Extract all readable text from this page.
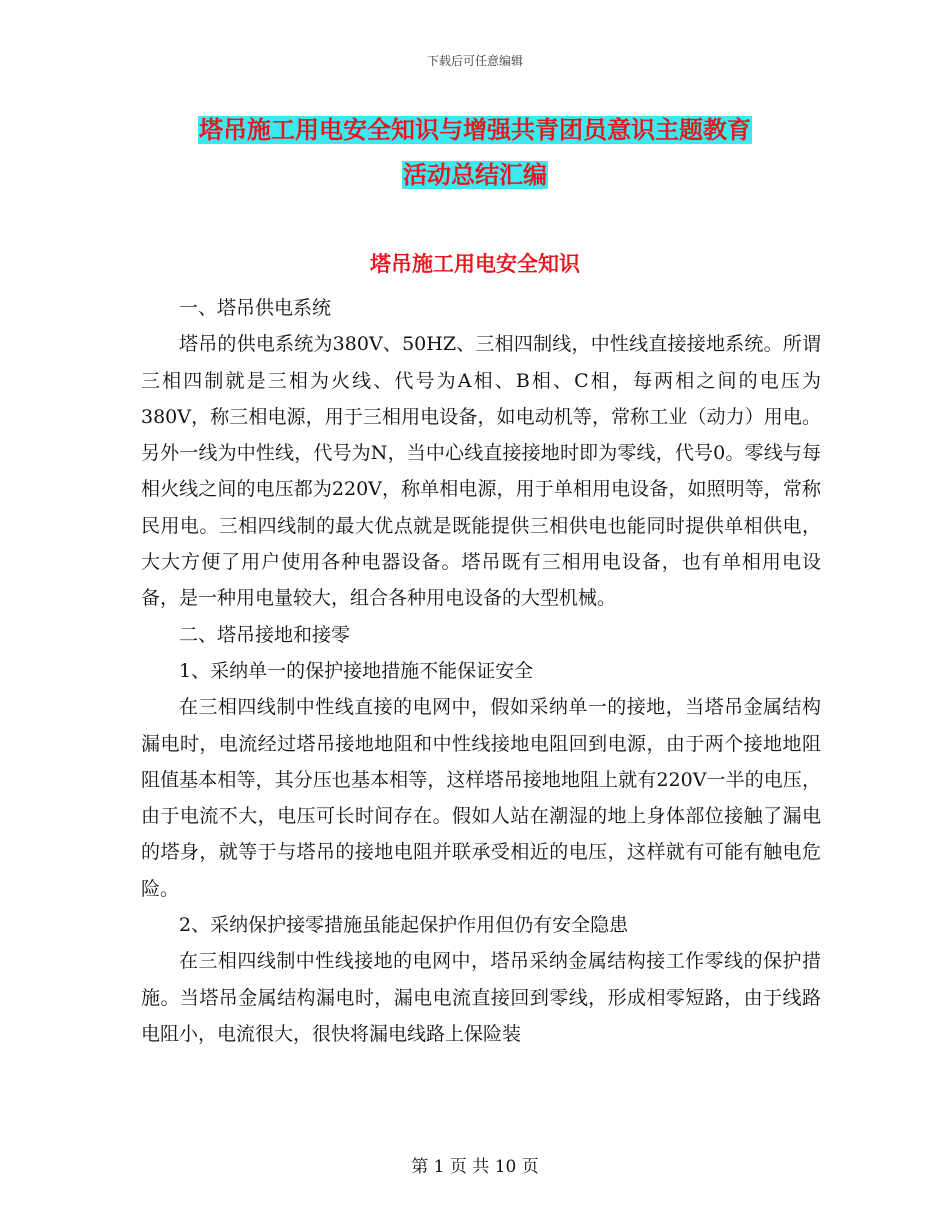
下载后可任意编辑
塔吊施工用电安全知识与增强共青团员意识主题教育
活动总结汇编
塔吊施工用电安全知识

一、塔吊供电系统

塔吊的供电系统为380V、50HZ、三相四制线，中性线直接接地系统。所谓三相四制就是三相为火线、代号为A相、B相、C相，每两相之间的电压为380V，称三相电源，用于三相用电设备，如电动机等，常称工业（动力）用电。另外一线为中性线，代号为N，当中心线直接接地时即为零线，代号0。零线与每相火线之间的电压都为220V，称单相电源，用于单相用电设备，如照明等，常称民用电。三相四线制的最大优点就是既能提供三相供电也能同时提供单相供电，大大方便了用户使用各种电器设备。塔吊既有三相用电设备，也有单相用电设备，是一种用电量较大，组合各种用电设备的大型机械。

二、塔吊接地和接零

1、采纳单一的保护接地措施不能保证安全

在三相四线制中性线直接的电网中，假如采纳单一的接地，当塔吊金属结构漏电时，电流经过塔吊接地地阻和中性线接地电阻回到电源，由于两个接地地阻阻值基本相等，其分压也基本相等，这样塔吊接地地阻上就有220V一半的电压，由于电流不大，电压可长时间存在。假如人站在潮湿的地上身体部位接触了漏电的塔身，就等于与塔吊的接地电阻并联承受相近的电压，这样就有可能有触电危险。

2、采纳保护接零措施虽能起保护作用但仍有安全隐患

在三相四线制中性线接地的电网中，塔吊采纳金属结构接工作零线的保护措施。当塔吊金属结构漏电时，漏电电流直接回到零线，形成相零短路，由于线路电阻小，电流很大，很快将漏电线路上保险装

第 1 页 共 10 页
